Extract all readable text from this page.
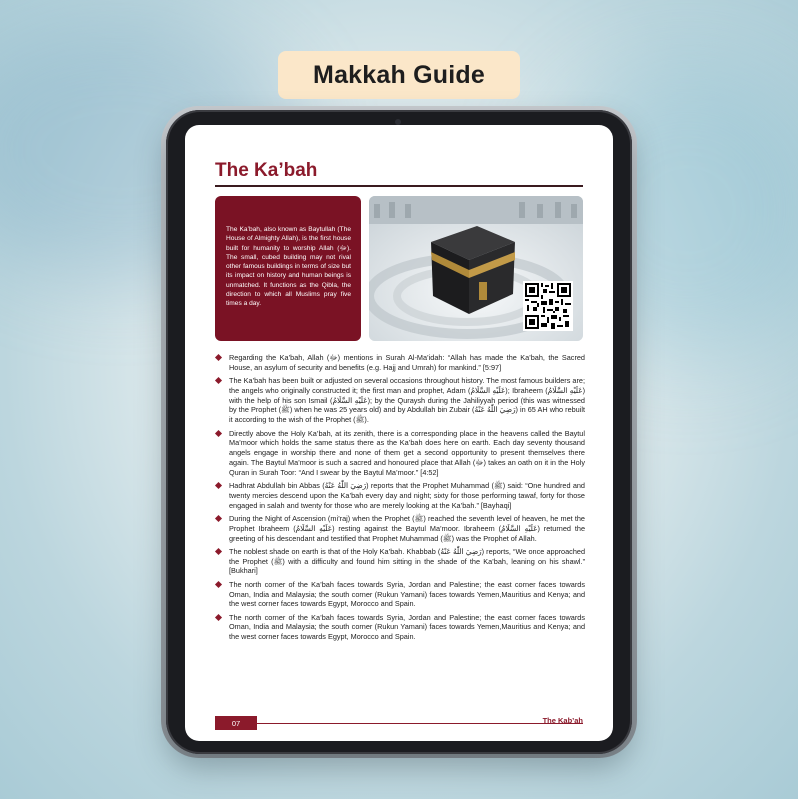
Makkah Guide
The Ka’bah
The Ka’bah, also known as Baytullah (The House of Almighty Allah), is the first house built for humanity to worship Allah (ﷻ). The small, cubed building may not rival other famous buildings in terms of size but its impact on history and human beings is unmatched. It functions as the Qibla, the direction to which all Muslims pray five times a day.
Regarding the Ka’bah, Allah (ﷻ) mentions in Surah Al-Ma’idah: “Allah has made the Ka’bah, the Sacred House, an asylum of security and benefits (e.g. Hajj and Umrah) for mankind.” [5:97]
The Ka’bah has been built or adjusted on several occasions throughout history. The most famous builders are; the angels who originally constructed it; the first man and prophet, Adam (عَلَيْهِ السَّلَامُ); Ibraheem (عَلَيْهِ السَّلَامُ) with the help of his son Ismail (عَلَيْهِ السَّلَامُ); by the Quraysh during the Jahiliyyah period (this was witnessed by the Prophet (ﷺ) when he was 25 years old) and by Abdullah bin Zubair (رَضِيَ اللّٰهُ عَنْهُ) in 65 AH who rebuilt it according to the wish of the Prophet (ﷺ).
Directly above the Holy Ka’bah, at its zenith, there is a corresponding place in the heavens called the Baytul Ma’moor which holds the same status there as the Ka’bah does here on earth. Each day seventy thousand angels engage in worship there and none of them get a second opportunity to present themselves there again. The Baytul Ma’moor is such a sacred and honoured place that Allah (ﷻ) takes an oath on it in the Holy Quran in Surah Toor: “And I swear by the Baytul Ma’moor.” [4:52]
Hadhrat Abdullah bin Abbas (رَضِيَ اللّٰهُ عَنْهُ) reports that the Prophet Muhammad (ﷺ) said: “One hundred and twenty mercies descend upon the Ka’bah every day and night; sixty for those performing tawaf, forty for those engaged in salah and twenty for those who are merely looking at the Ka’bah.” [Bayhaqi]
During the Night of Ascension (mi’raj) when the Prophet (ﷺ) reached the seventh level of heaven, he met the Prophet Ibraheem (عَلَيْهِ السَّلَامُ) resting against the Baytul Ma’moor. Ibraheem (عَلَيْهِ السَّلَامُ) returned the greeting of his descendant and testified that Prophet Muhammad (ﷺ) was the Prophet of Allah.
The noblest shade on earth is that of the Holy Ka’bah. Khabbab (رَضِيَ اللّٰهُ عَنْهُ) reports, “We once approached the Prophet (ﷺ) with a difficulty and found him sitting in the shade of the Ka’bah, leaning on his shawl.” [Bukhari]
The north corner of the Ka’bah faces towards Syria, Jordan and Palestine; the east corner faces towards Oman, India and Malaysia; the south corner (Rukun Yamani) faces towards Yemen,Mauritius and Kenya; and the west corner faces towards Egypt, Morocco and Spain.
The north corner of the Ka’bah faces towards Syria, Jordan and Palestine; the east corner faces towards Oman, India and Malaysia; the south corner (Rukun Yamani) faces towards Yemen,Mauritius and Kenya; and the west corner faces towards Egypt, Morocco and Spain.
07	The Kab’ah
